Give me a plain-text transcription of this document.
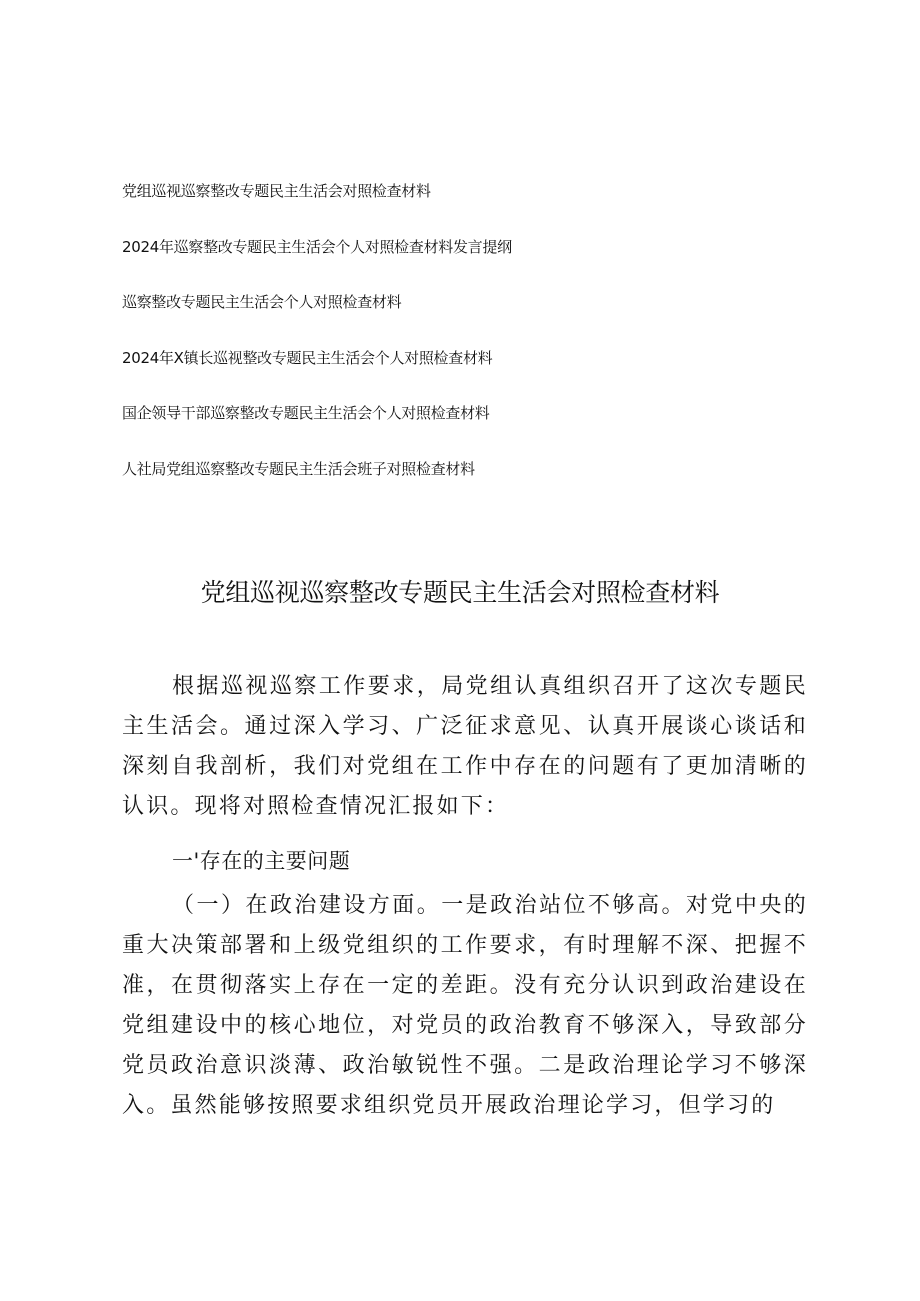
党组巡视巡察整改专题民主生活会对照检查材料
2024年巡察整改专题民主生活会个人对照检查材料发言提纲
巡察整改专题民主生活会个人对照检查材料
2024年X镇长巡视整改专题民主生活会个人对照检查材料
国企领导干部巡察整改专题民主生活会个人对照检查材料
人社局党组巡察整改专题民主生活会班子对照检查材料
党组巡视巡察整改专题民主生活会对照检查材料

根据巡视巡察工作要求，局党组认真组织召开了这次专题民主生活会。通过深入学习、广泛征求意见、认真开展谈心谈话和深刻自我剖析，我们对党组在工作中存在的问题有了更加清晰的认识。现将对照检查情况汇报如下：

一'存在的主要问题

（一）在政治建设方面。一是政治站位不够高。对党中央的重大决策部署和上级党组织的工作要求，有时理解不深、把握不准，在贯彻落实上存在一定的差距。没有充分认识到政治建设在党组建设中的核心地位，对党员的政治教育不够深入，导致部分党员政治意识淡薄、政治敏锐性不强。二是政治理论学习不够深入。虽然能够按照要求组织党员开展政治理论学习，但学习的
